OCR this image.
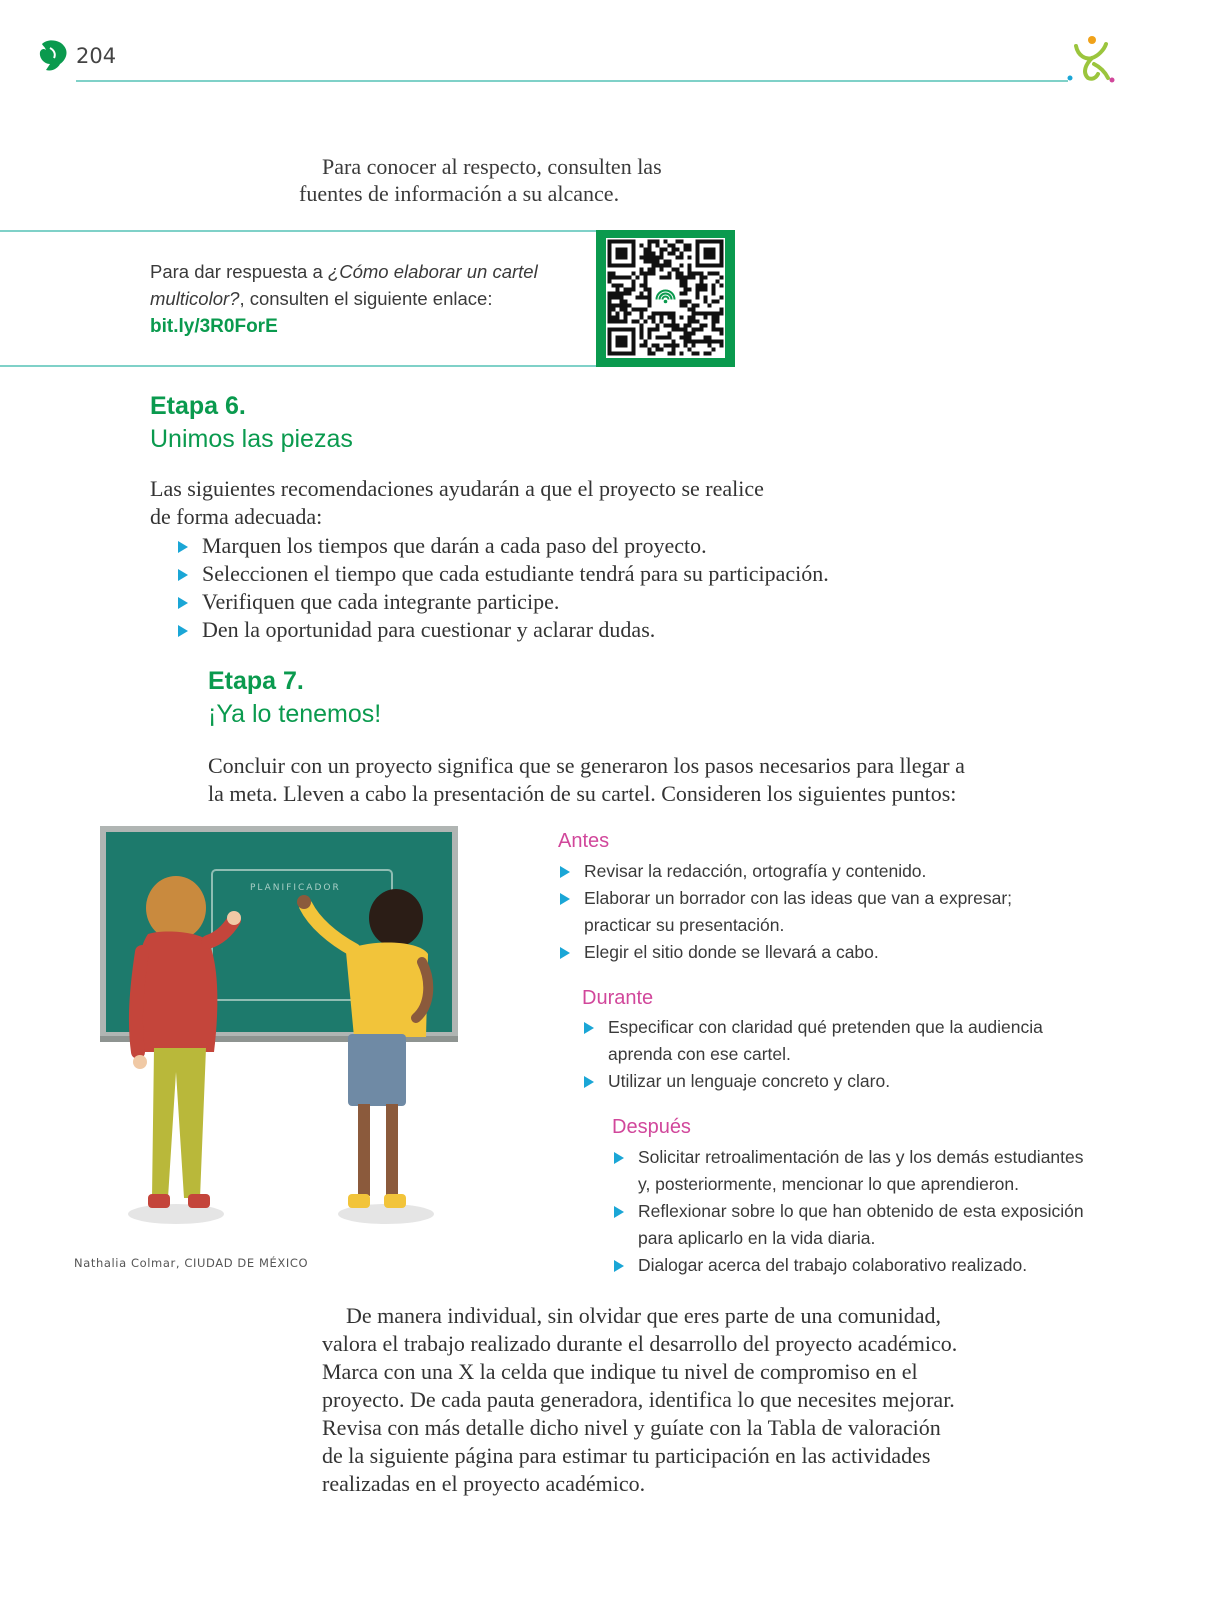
204
Para conocer al respecto, consulten las
fuentes de información a su alcance.
Para dar respuesta a ¿Cómo elaborar un cartel multicolor?, consulten el siguiente enlace:
bit.ly/3R0ForE
Etapa 6.
Unimos las piezas
Las siguientes recomendaciones ayudarán a que el proyecto se realice de forma adecuada:
Marquen los tiempos que darán a cada paso del proyecto.
Seleccionen el tiempo que cada estudiante tendrá para su participación.
Verifiquen que cada integrante participe.
Den la oportunidad para cuestionar y aclarar dudas.
Etapa 7.
¡Ya lo tenemos!
Concluir con un proyecto significa que se generaron los pasos necesarios para llegar a la meta. Lleven a cabo la presentación de su cartel. Consideren los siguientes puntos:
PLANIFICADOR
Nathalia Colmar, CIUDAD DE MÉXICO
Antes
Revisar la redacción, ortografía y contenido.
Elaborar un borrador con las ideas que van a expresar; practicar su presentación.
Elegir el sitio donde se llevará a cabo.
Durante
Especificar con claridad qué pretenden que la audiencia aprenda con ese cartel.
Utilizar un lenguaje concreto y claro.
Después
Solicitar retroalimentación de las y los demás estudiantes y, posteriormente, mencionar lo que aprendieron.
Reflexionar sobre lo que han obtenido de esta exposición para aplicarlo en la vida diaria.
Dialogar acerca del trabajo colaborativo realizado.
De manera individual, sin olvidar que eres parte de una comunidad, valora el trabajo realizado durante el desarrollo del proyecto académico. Marca con una X la celda que indique tu nivel de compromiso en el proyecto. De cada pauta generadora, identifica lo que necesites mejorar. Revisa con más detalle dicho nivel y guíate con la Tabla de valoración de la siguiente página para estimar tu participación en las actividades realizadas en el proyecto académico.
